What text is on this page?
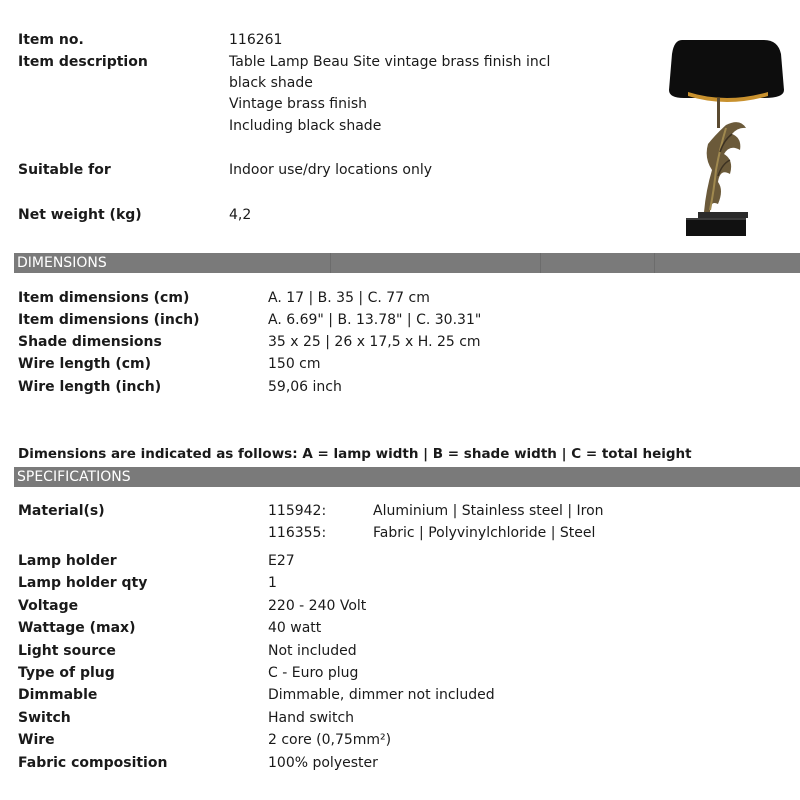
Item no.	116261
Item description	Table Lamp Beau Site vintage brass finish incl
black shade
Vintage brass finish
Including black shade
Suitable for	Indoor use/dry locations only
Net weight (kg)	4,2
DIMENSIONS
Item dimensions (cm)	A. 17 | B. 35 | C. 77 cm
Item dimensions (inch)	A. 6.69" | B. 13.78" | C. 30.31"
Shade dimensions	35 x 25 | 26 x 17,5 x H. 25 cm
Wire length (cm)	150 cm
Wire length (inch)	59,06 inch
Dimensions are indicated as follows: A = lamp width | B = shade width | C = total height
SPECIFICATIONS
Material(s)	115942:	Aluminium | Stainless steel | Iron
116355:	Fabric | Polyvinylchloride | Steel
Lamp holder	E27
Lamp holder qty	1
Voltage	220 - 240 Volt
Wattage (max)	40 watt
Light source	Not included
Type of plug	C - Euro plug
Dimmable	Dimmable, dimmer not included
Switch	Hand switch
Wire	2 core (0,75mm²)
Fabric composition	100% polyester
